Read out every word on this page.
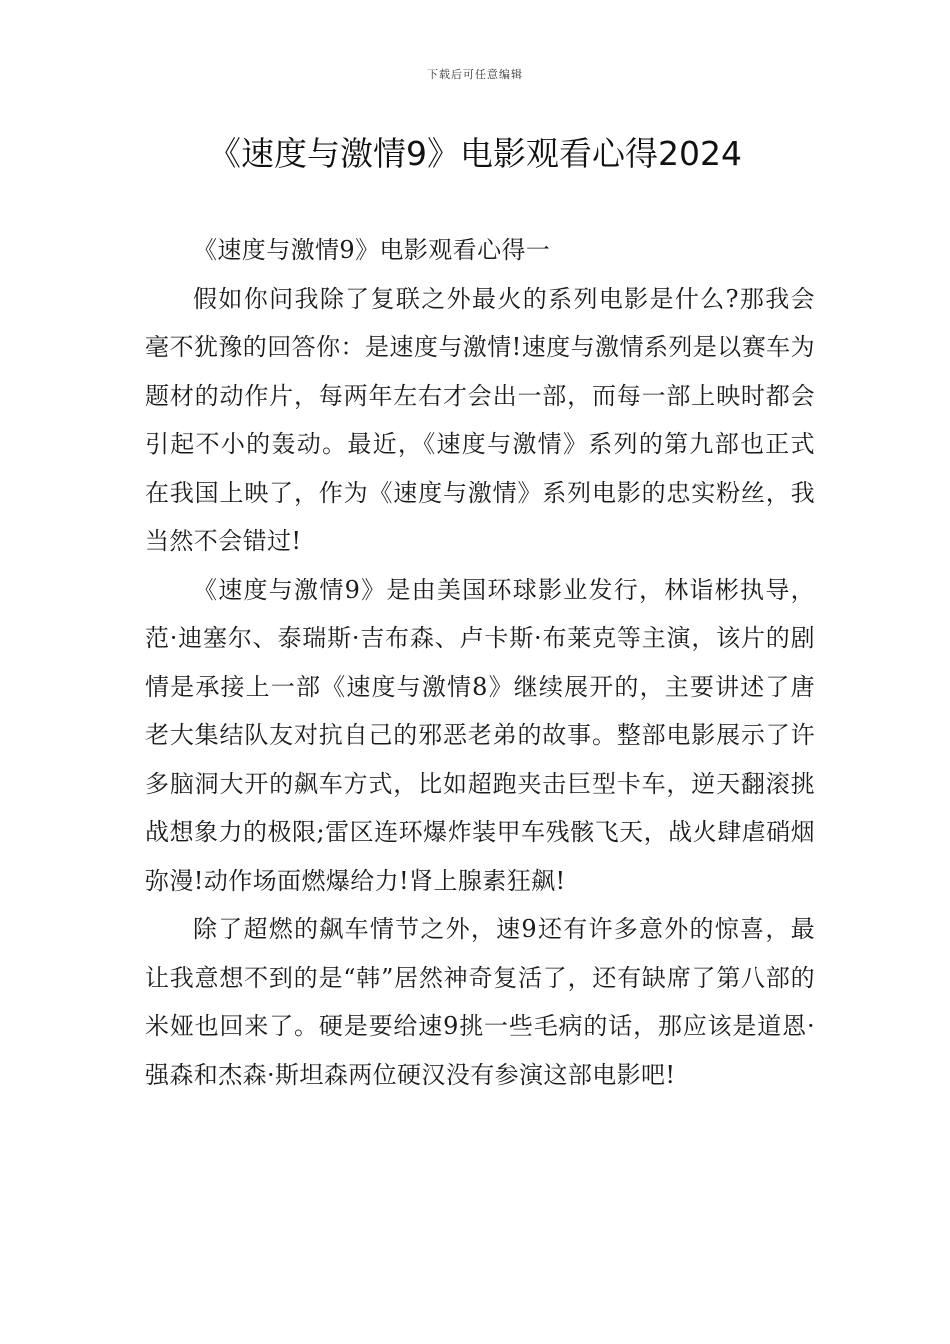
下载后可任意编辑
《速度与激情9》电影观看心得2024

《速度与激情9》电影观看心得一

假如你问我除了复联之外最火的系列电影是什么?那我会毫不犹豫的回答你：是速度与激情!速度与激情系列是以赛车为题材的动作片，每两年左右才会出一部，而每一部上映时都会引起不小的轰动。最近，《速度与激情》系列的第九部也正式在我国上映了，作为《速度与激情》系列电影的忠实粉丝，我当然不会错过!

《速度与激情9》是由美国环球影业发行，林诣彬执导，范·迪塞尔、泰瑞斯·吉布森、卢卡斯·布莱克等主演，该片的剧情是承接上一部《速度与激情8》继续展开的，主要讲述了唐老大集结队友对抗自己的邪恶老弟的故事。整部电影展示了许多脑洞大开的飙车方式，比如超跑夹击巨型卡车，逆天翻滚挑战想象力的极限;雷区连环爆炸装甲车残骸飞天，战火肆虐硝烟弥漫!动作场面燃爆给力!肾上腺素狂飙!

除了超燃的飙车情节之外，速9还有许多意外的惊喜，最让我意想不到的是“韩”居然神奇复活了，还有缺席了第八部的米娅也回来了。硬是要给速9挑一些毛病的话，那应该是道恩·强森和杰森·斯坦森两位硬汉没有参演这部电影吧!
